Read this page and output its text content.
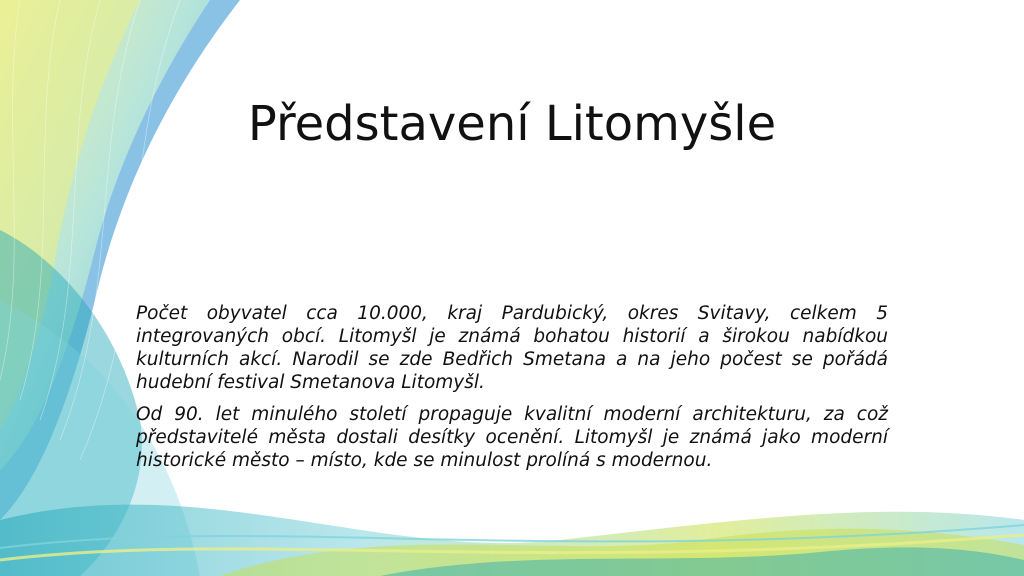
Představení Litomyšle

Počet obyvatel cca 10.000, kraj Pardubický, okres Svitavy, celkem 5 integrovaných obcí. Litomyšl je známá bohatou historií a širokou nabídkou kulturních akcí. Narodil se zde Bedřich Smetana a na jeho počest se pořádá hudební festival Smetanova Litomyšl.

Od 90. let minulého století propaguje kvalitní moderní architekturu, za což představitelé města dostali desítky ocenění. Litomyšl je známá jako moderní historické město – místo, kde se minulost prolíná s modernou.
